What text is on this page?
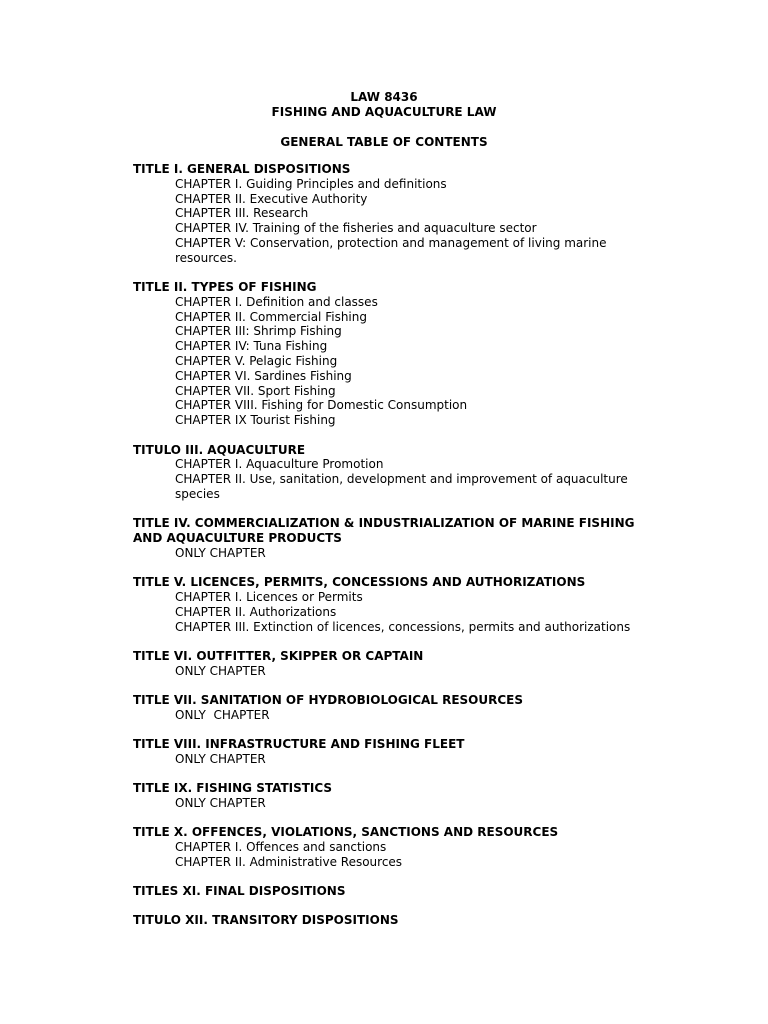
LAW 8436
FISHING AND AQUACULTURE LAW
GENERAL TABLE OF CONTENTS
TITLE I. GENERAL DISPOSITIONS
CHAPTER I. Guiding Principles and definitions
CHAPTER II. Executive Authority
CHAPTER III. Research
CHAPTER IV. Training of the fisheries and aquaculture sector
CHAPTER V: Conservation, protection and management of living marine resources.
TITLE II. TYPES OF FISHING
CHAPTER I. Definition and classes
CHAPTER II. Commercial Fishing
CHAPTER III: Shrimp Fishing
CHAPTER IV: Tuna Fishing
CHAPTER V. Pelagic Fishing
CHAPTER VI. Sardines Fishing
CHAPTER VII. Sport Fishing
CHAPTER VIII. Fishing for Domestic Consumption
CHAPTER IX Tourist Fishing
TITULO III. AQUACULTURE
CHAPTER I. Aquaculture Promotion
CHAPTER II. Use, sanitation, development and improvement of aquaculture species
TITLE IV. COMMERCIALIZATION & INDUSTRIALIZATION OF MARINE FISHING AND AQUACULTURE PRODUCTS
ONLY CHAPTER
TITLE V. LICENCES, PERMITS, CONCESSIONS AND AUTHORIZATIONS
CHAPTER I. Licences or Permits
CHAPTER II. Authorizations
CHAPTER III. Extinction of licences, concessions, permits and authorizations
TITLE VI. OUTFITTER, SKIPPER OR CAPTAIN
ONLY CHAPTER
TITLE VII. SANITATION OF HYDROBIOLOGICAL RESOURCES
ONLY  CHAPTER
TITLE VIII. INFRASTRUCTURE AND FISHING FLEET
ONLY CHAPTER
TITLE IX. FISHING STATISTICS
ONLY CHAPTER
TITLE X. OFFENCES, VIOLATIONS, SANCTIONS AND RESOURCES
CHAPTER I. Offences and sanctions
CHAPTER II. Administrative Resources
TITLES XI. FINAL DISPOSITIONS
TITULO XII. TRANSITORY DISPOSITIONS
